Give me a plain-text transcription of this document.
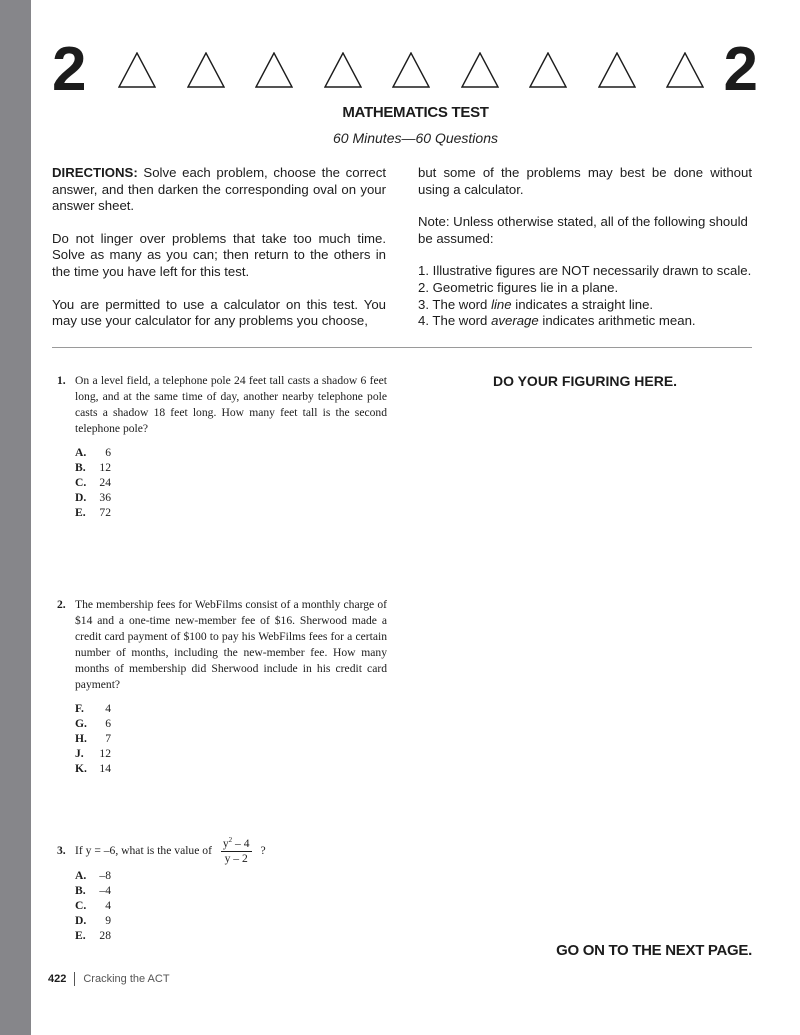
2	2
MATHEMATICS TEST
60 Minutes—60 Questions

DIRECTIONS: Solve each problem, choose the correct answer, and then darken the corresponding oval on your answer sheet.

Do not linger over problems that take too much time. Solve as many as you can; then return to the others in the time you have left for this test.

You are permitted to use a calculator on this test. You may use your calculator for any problems you choose,

but some of the problems may best be done without using a calculator.

Note: Unless otherwise stated, all of the following should be assumed:

1. Illustrative figures are NOT necessarily drawn to scale.
2. Geometric figures lie in a plane.
3. The word line indicates a straight line.
4. The word average indicates arithmetic mean.
DO YOUR FIGURING HERE.
1. On a level field, a telephone pole 24 feet tall casts a shadow 6 feet long, and at the same time of day, another nearby telephone pole casts a shadow 18 feet long. How many feet tall is the second telephone pole?
A. 6
B. 12
C. 24
D. 36
E. 72
2. The membership fees for WebFilms consist of a monthly charge of $14 and a one-time new-member fee of $16. Sherwood made a credit card payment of $100 to pay his WebFilms fees for a certain number of months, including the new-member fee. How many months of membership did Sherwood include in his credit card payment?
F. 4
G. 6
H. 7
J. 12
K. 14
3. If y = –6, what is the value of $\frac{y^2 - 4}{y - 2}$ ?
A. –8
B. –4
C. 4
D. 9
E. 28
GO ON TO THE NEXT PAGE.
422 Cracking the ACT
